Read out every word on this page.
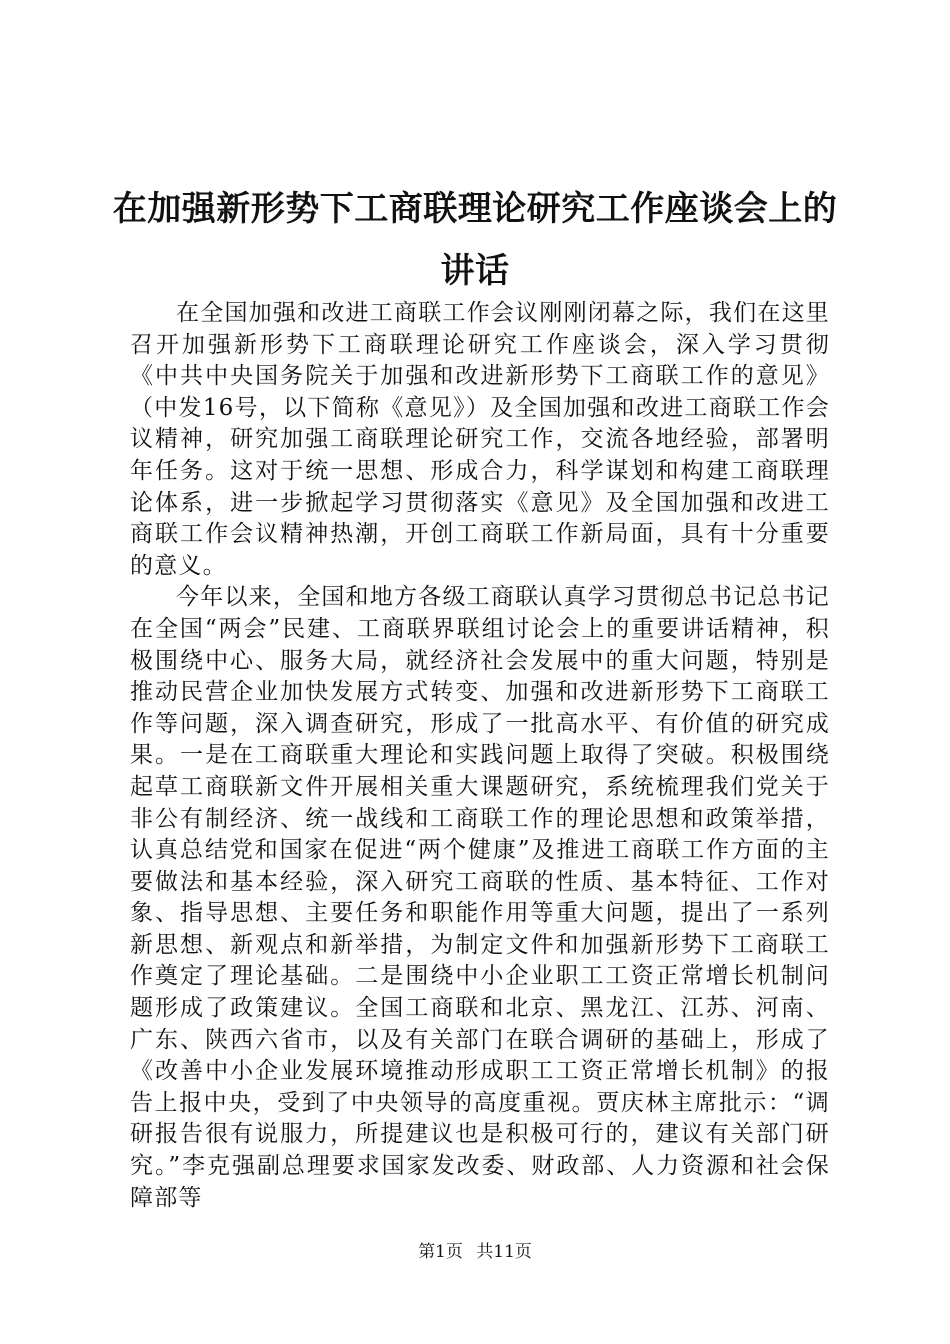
在加强新形势下工商联理论研究工作座谈会上的讲话

在全国加强和改进工商联工作会议刚刚闭幕之际，我们在这里召开加强新形势下工商联理论研究工作座谈会，深入学习贯彻《中共中央国务院关于加强和改进新形势下工商联工作的意见》（中发16号，以下简称《意见》）及全国加强和改进工商联工作会议精神，研究加强工商联理论研究工作，交流各地经验，部署明年任务。这对于统一思想、形成合力，科学谋划和构建工商联理论体系，进一步掀起学习贯彻落实《意见》及全国加强和改进工商联工作会议精神热潮，开创工商联工作新局面，具有十分重要的意义。

今年以来，全国和地方各级工商联认真学习贯彻总书记总书记在全国“两会”民建、工商联界联组讨论会上的重要讲话精神，积极围绕中心、服务大局，就经济社会发展中的重大问题，特别是推动民营企业加快发展方式转变、加强和改进新形势下工商联工作等问题，深入调查研究，形成了一批高水平、有价值的研究成果。一是在工商联重大理论和实践问题上取得了突破。积极围绕起草工商联新文件开展相关重大课题研究，系统梳理我们党关于非公有制经济、统一战线和工商联工作的理论思想和政策举措，认真总结党和国家在促进“两个健康”及推进工商联工作方面的主要做法和基本经验，深入研究工商联的性质、基本特征、工作对象、指导思想、主要任务和职能作用等重大问题，提出了一系列新思想、新观点和新举措，为制定文件和加强新形势下工商联工作奠定了理论基础。二是围绕中小企业职工工资正常增长机制问题形成了政策建议。全国工商联和北京、黑龙江、江苏、河南、广东、陕西六省市，以及有关部门在联合调研的基础上，形成了《改善中小企业发展环境推动形成职工工资正常增长机制》的报告上报中央，受到了中央领导的高度重视。贾庆林主席批示：“调研报告很有说服力，所提建议也是积极可行的，建议有关部门研究。”李克强副总理要求国家发改委、财政部、人力资源和社会保障部等

第1页 共11页
